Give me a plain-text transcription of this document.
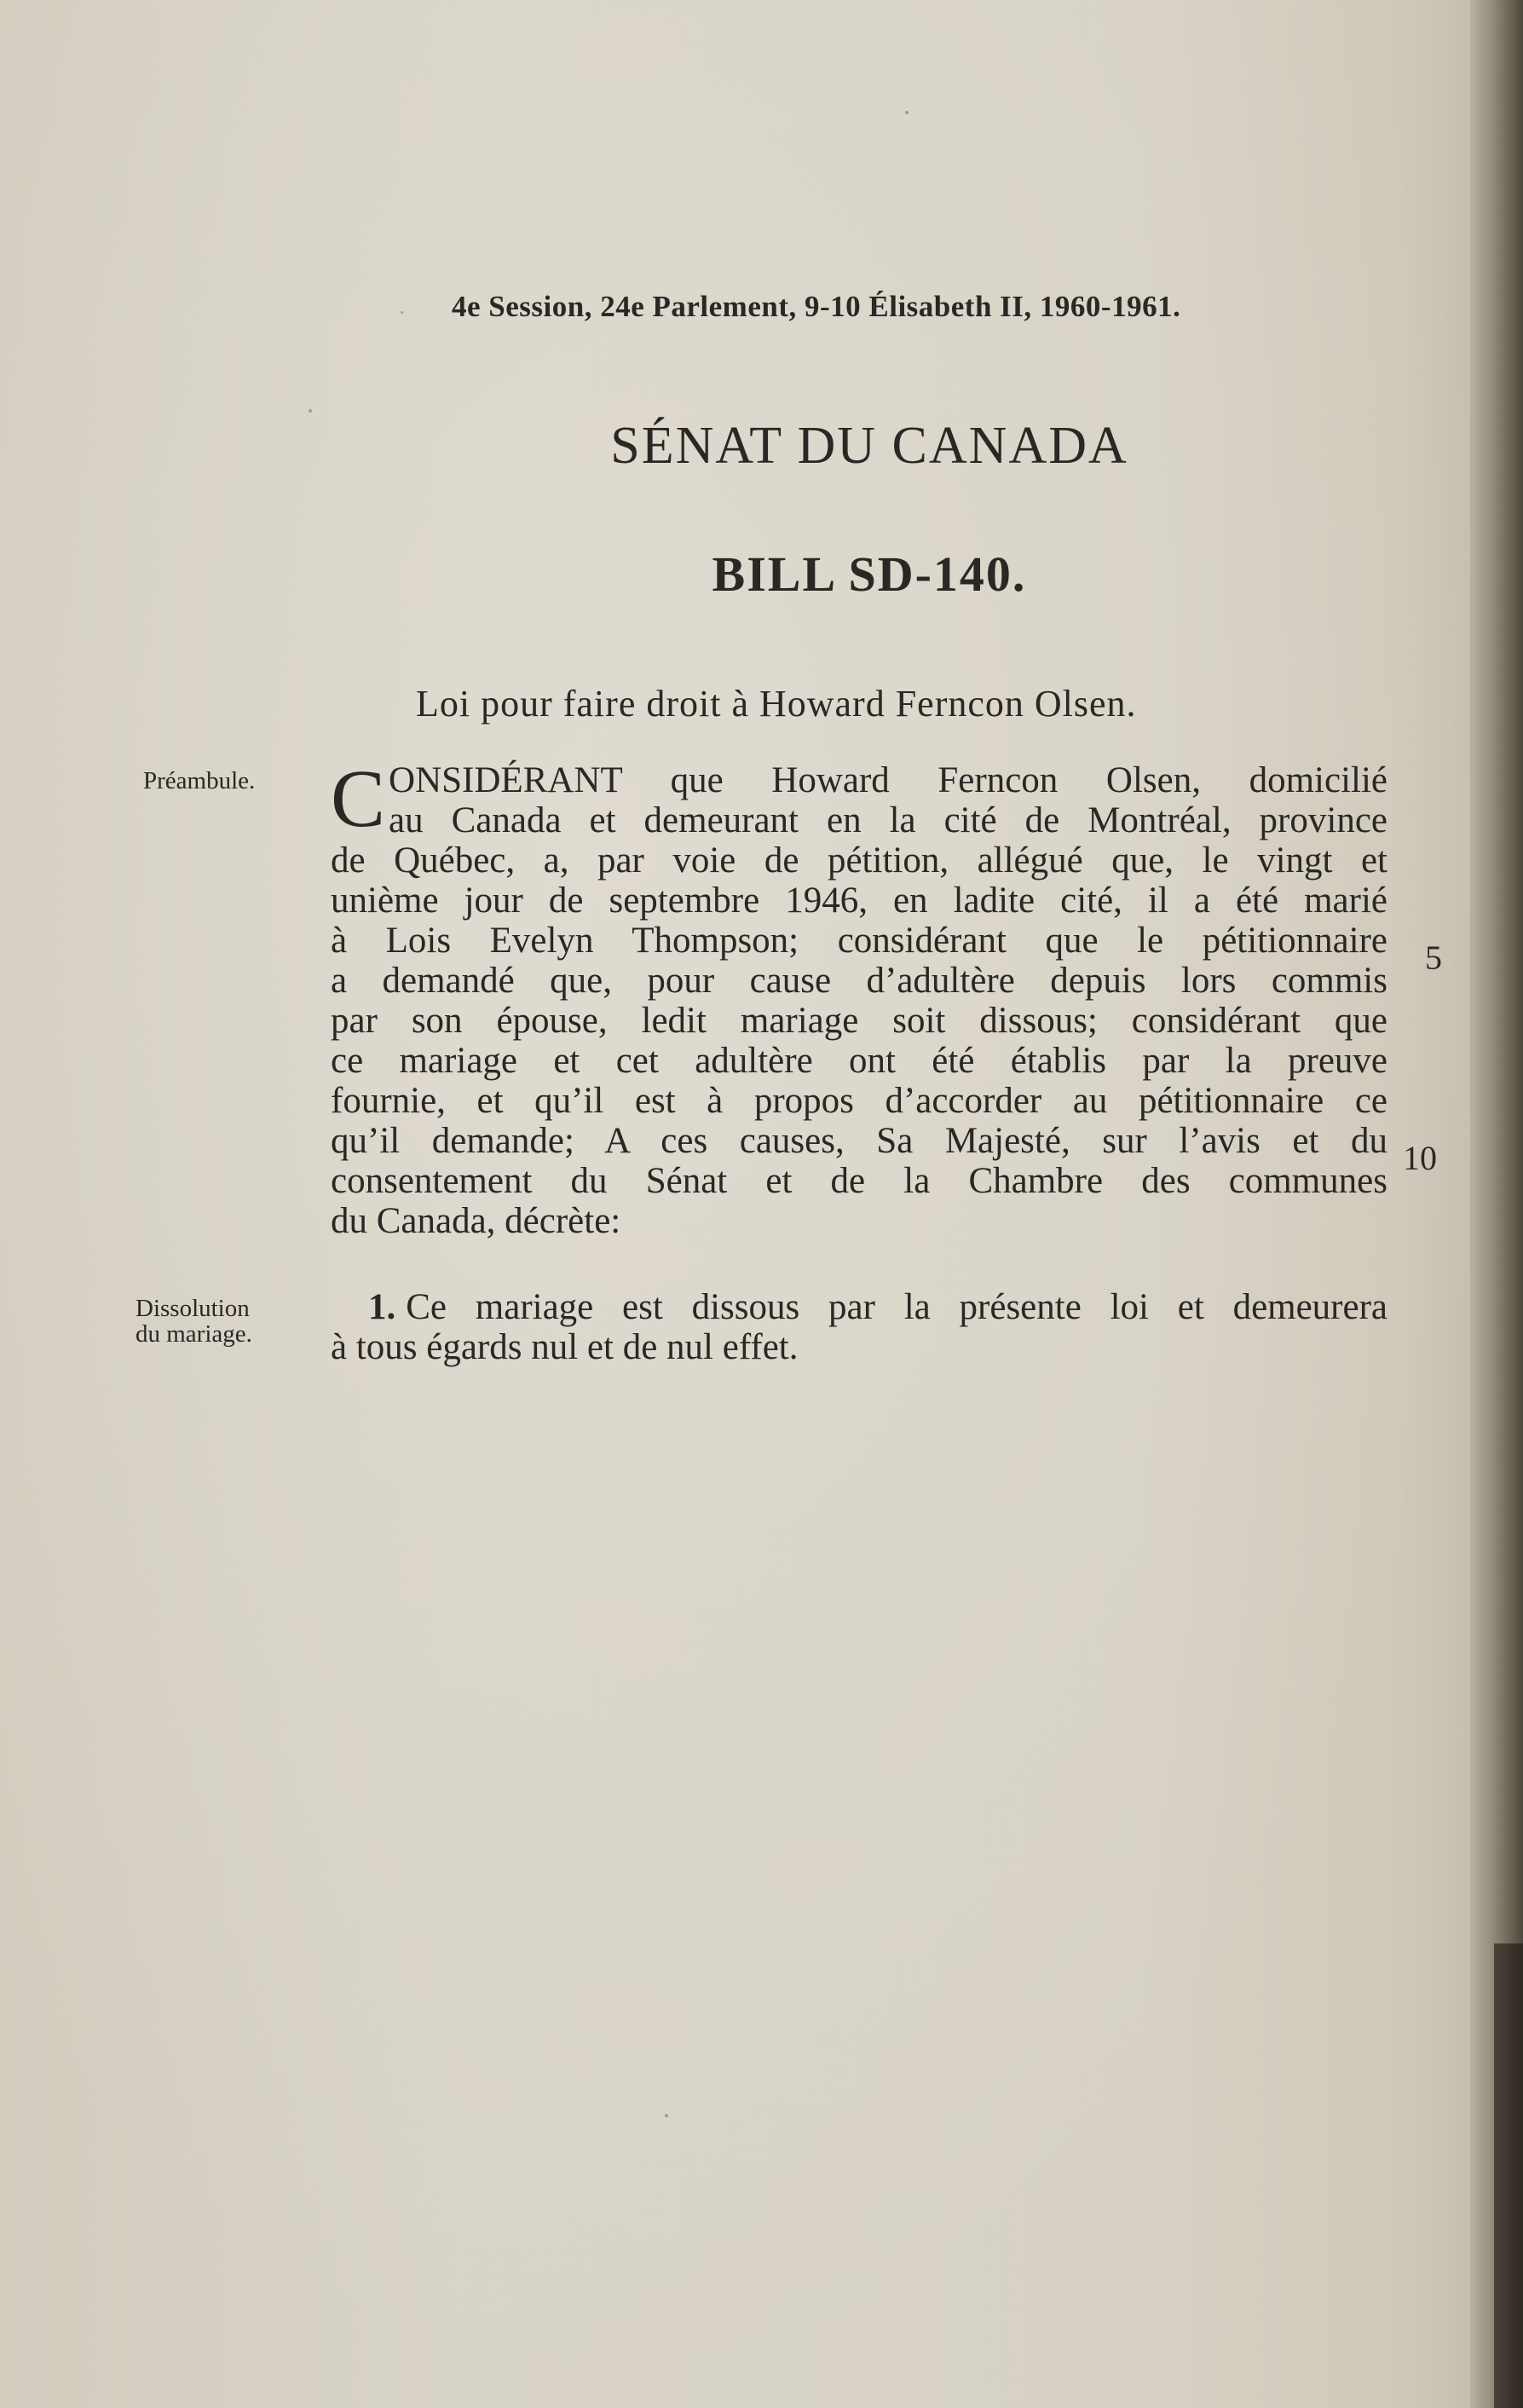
4e Session, 24e Parlement, 9-10 Élisabeth II, 1960-1961.
SÉNAT DU CANADA
BILL SD-140.
Loi pour faire droit à Howard Ferncon Olsen.
Préambule. C ONSIDÉRANT que Howard Ferncon Olsen, domicilié
au Canada et demeurant en la cité de Montréal, province
de Québec, a, par voie de pétition, allégué que, le vingt et
unième jour de septembre 1946, en ladite cité, il a été marié
à Lois Evelyn Thompson; considérant que le pétitionnaire
a demandé que, pour cause d’adultère depuis lors commis
par son épouse, ledit mariage soit dissous; considérant que
ce mariage et cet adultère ont été établis par la preuve
fournie, et qu’il est à propos d’accorder au pétitionnaire ce
qu’il demande; A ces causes, Sa Majesté, sur l’avis et du
consentement du Sénat et de la Chambre des communes
du Canada, décrète:
5
10
Dissolution
du mariage.
1. Ce mariage est dissous par la présente loi et demeurera
à tous égards nul et de nul effet.
